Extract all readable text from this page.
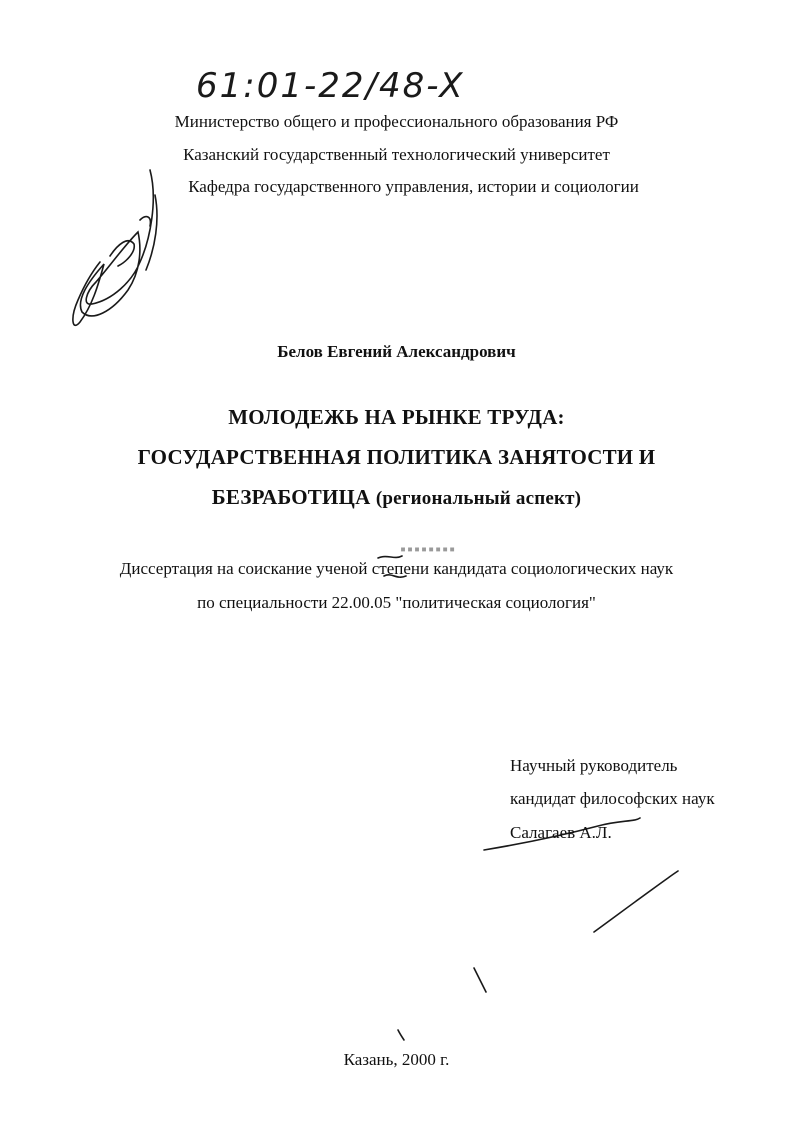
61:01-22/48-X
▪▪▪▪▪▪▪▪
Министерство общего и профессионального образования РФ
Казанский государственный технологический университет
Кафедра государственного управления, истории и социологии
Белов Евгений Александрович
МОЛОДЕЖЬ НА РЫНКЕ ТРУДА:
ГОСУДАРСТВЕННАЯ ПОЛИТИКА ЗАНЯТОСТИ И
БЕЗРАБОТИЦА (региональный аспект)
Диссертация на соискание ученой степени кандидата социологических наук
по специальности 22.00.05 "политическая социология"
Научный руководитель
кандидат философских наук
Салагаев А.Л.
Казань, 2000 г.
